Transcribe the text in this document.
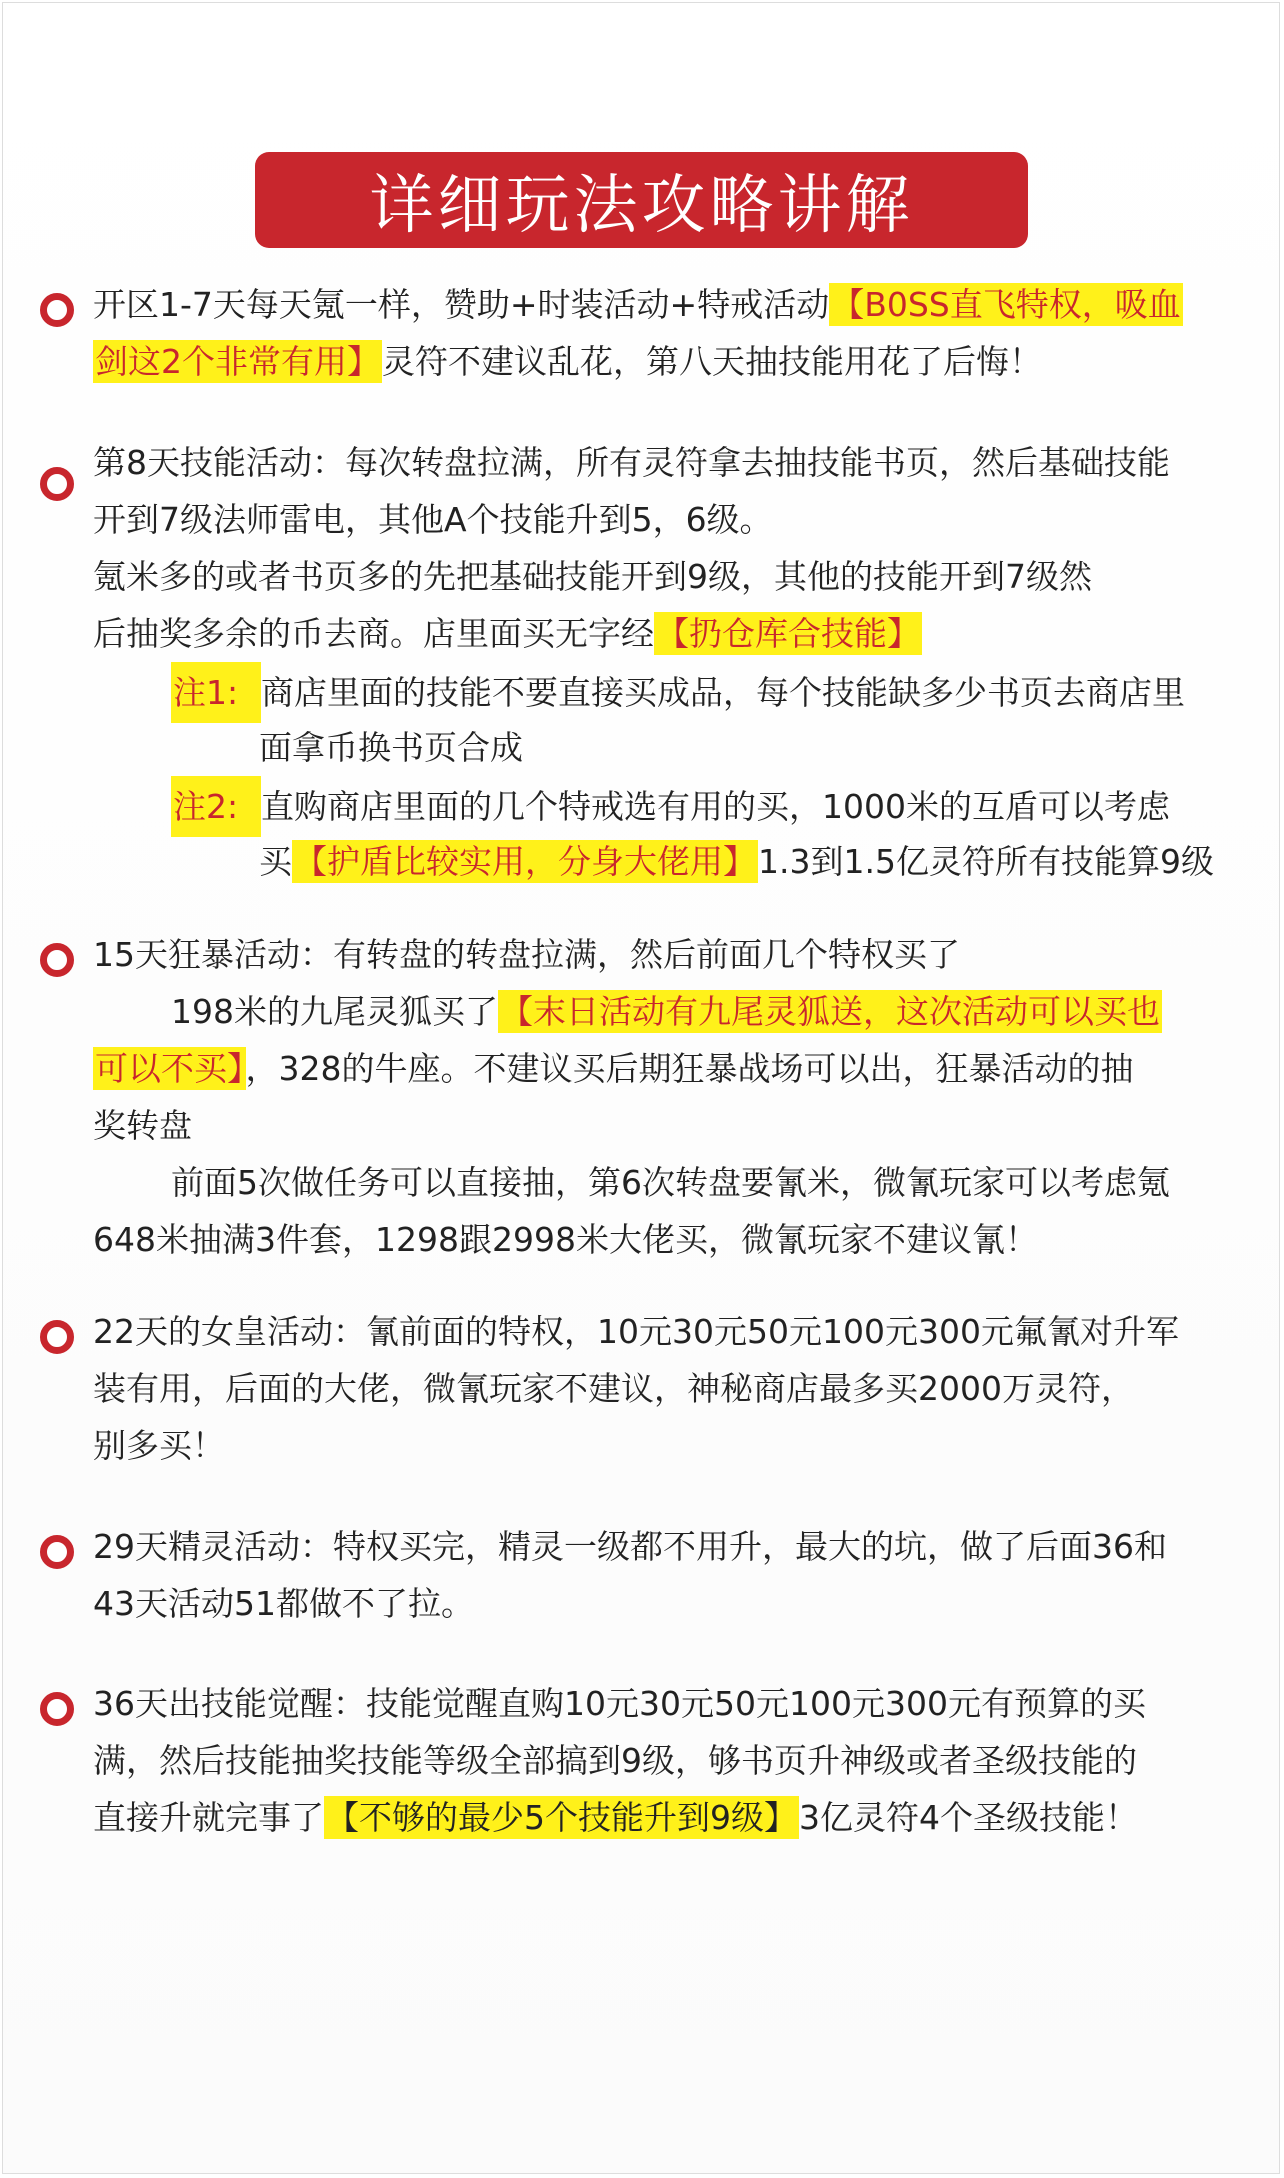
详细玩法攻略讲解
开区1-7天每天氪一样，赞助+时装活动+特戒活动【B0SS直飞特权，吸血
剑这2个非常有用】灵符不建议乱花，第八天抽技能用花了后悔！
第8天技能活动：每次转盘拉满，所有灵符拿去抽技能书页，然后基础技能
开到7级法师雷电，其他A个技能升到5，6级。
氪米多的或者书页多的先把基础技能开到9级，其他的技能开到7级然
后抽奖多余的币去商。店里面买无字经【扔仓库合技能】
注1: 商店里面的技能不要直接买成品，每个技能缺多少书页去商店里
面拿币换书页合成
注2: 直购商店里面的几个特戒选有用的买，1000米的互盾可以考虑
买【护盾比较实用，分身大佬用】1.3到1.5亿灵符所有技能算9级
15天狂暴活动：有转盘的转盘拉满，然后前面几个特权买了
198米的九尾灵狐买了【末日活动有九尾灵狐送，这次活动可以买也
可以不买】，328的牛座。不建议买后期狂暴战场可以出，狂暴活动的抽
奖转盘
前面5次做任务可以直接抽，第6次转盘要氰米，微氰玩家可以考虑氪
648米抽满3件套，1298跟2998米大佬买，微氰玩家不建议氰！
22天的女皇活动：氰前面的特权，10元30元50元100元300元氟氰对升军
装有用，后面的大佬，微氰玩家不建议，神秘商店最多买2000万灵符，
别多买！
29天精灵活动：特权买完，精灵一级都不用升，最大的坑，做了后面36和
43天活动51都做不了拉。
36天出技能觉醒：技能觉醒直购10元30元50元100元300元有预算的买
满，然后技能抽奖技能等级全部搞到9级，够书页升神级或者圣级技能的
直接升就完事了【不够的最少5个技能升到9级】3亿灵符4个圣级技能！
